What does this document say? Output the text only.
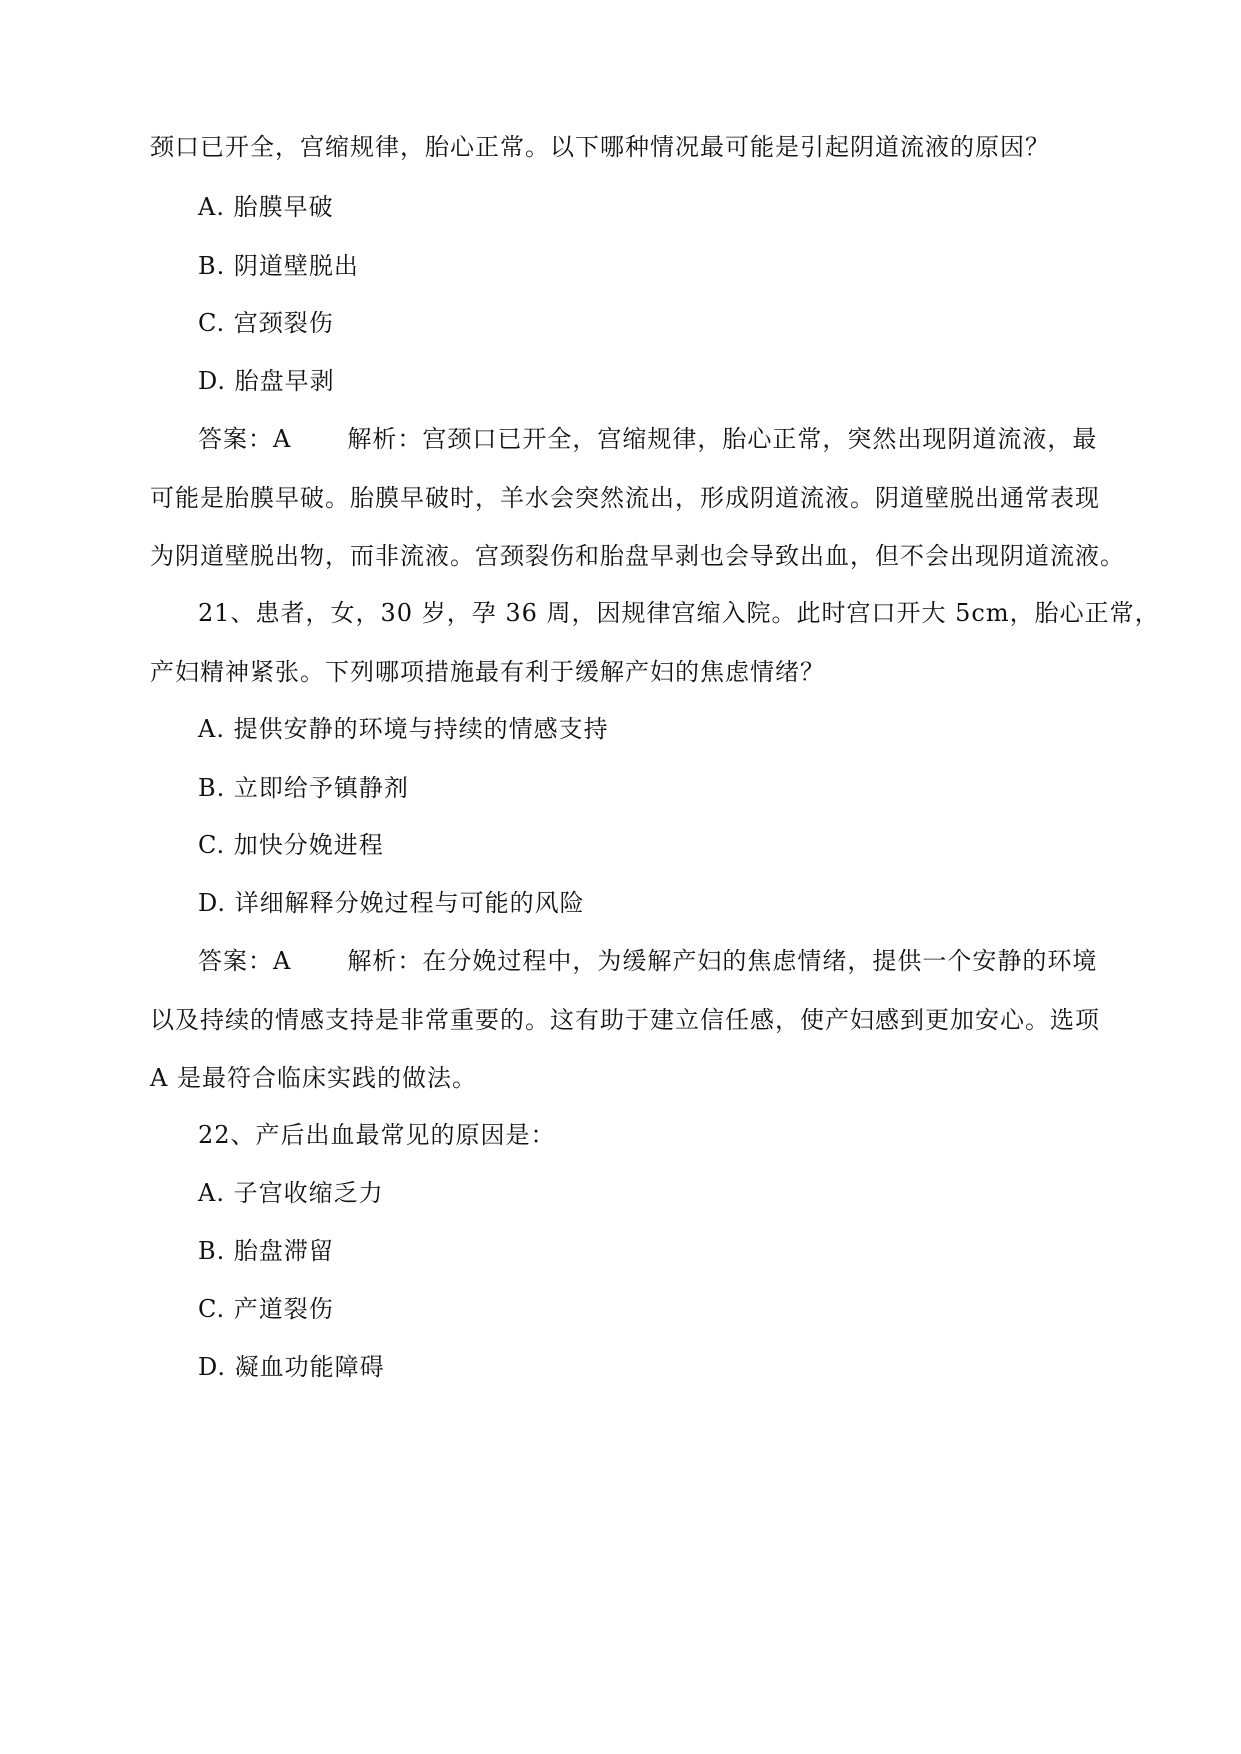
颈口已开全，宫缩规律，胎心正常。以下哪种情况最可能是引起阴道流液的原因？
A. 胎膜早破
B. 阴道壁脱出
C. 宫颈裂伤
D. 胎盘早剥
答案：A 解析：宫颈口已开全，宫缩规律，胎心正常，突然出现阴道流液，最
可能是胎膜早破。胎膜早破时，羊水会突然流出，形成阴道流液。阴道壁脱出通常表现
为阴道壁脱出物，而非流液。宫颈裂伤和胎盘早剥也会导致出血，但不会出现阴道流液。
21、患者，女，30 岁，孕 36 周，因规律宫缩入院。此时宫口开大 5cm，胎心正常，
产妇精神紧张。下列哪项措施最有利于缓解产妇的焦虑情绪？
A. 提供安静的环境与持续的情感支持
B. 立即给予镇静剂
C. 加快分娩进程
D. 详细解释分娩过程与可能的风险
答案：A 解析：在分娩过程中，为缓解产妇的焦虑情绪，提供一个安静的环境
以及持续的情感支持是非常重要的。这有助于建立信任感，使产妇感到更加安心。选项
A 是最符合临床实践的做法。
22、产后出血最常见的原因是：
A. 子宫收缩乏力
B. 胎盘滞留
C. 产道裂伤
D. 凝血功能障碍
